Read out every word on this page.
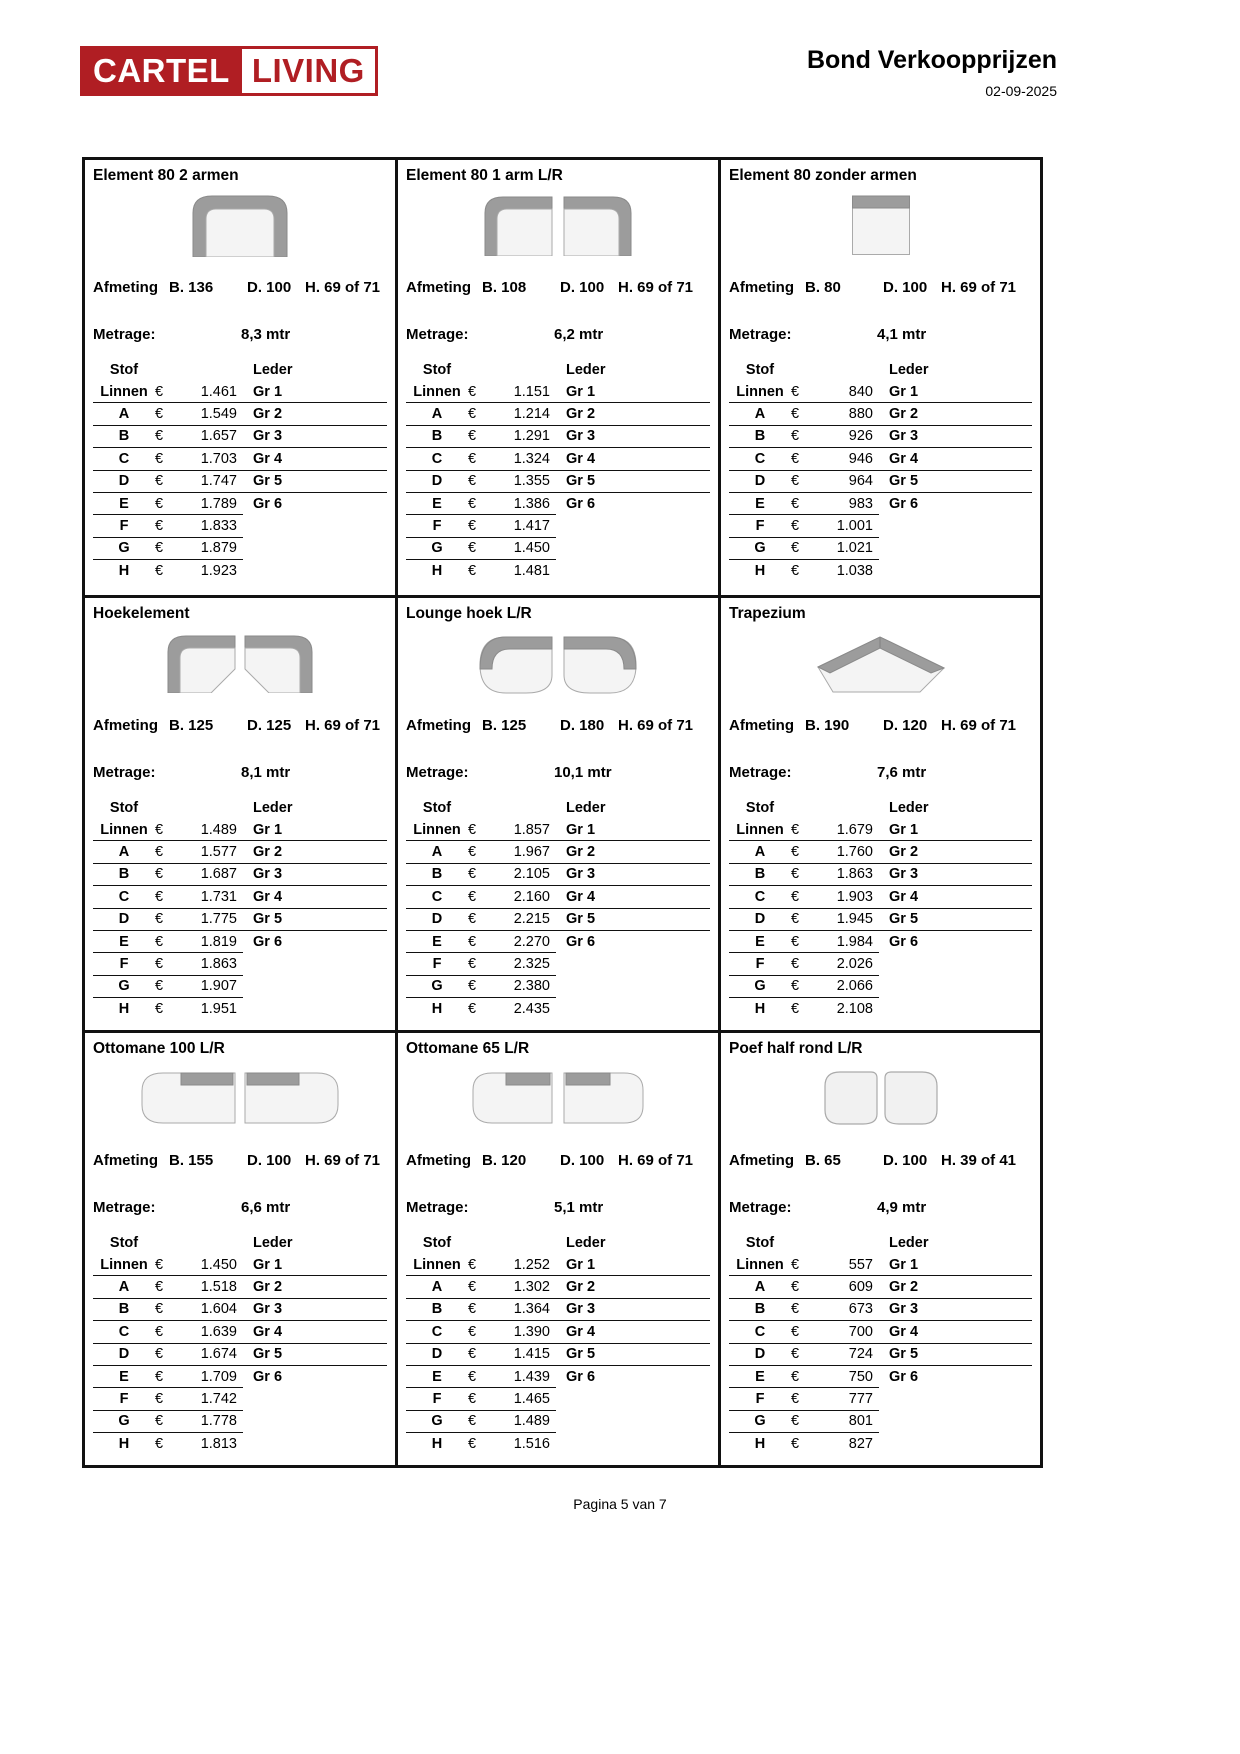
CARTEL LIVING	Bond Verkoopprijzen
02-09-2025
Element 80 2 armen
Afmeting B. 136	D. 100 H. 69 of 71
Metrage:	8,3 mtr
Stof	Leder
Linnen €	1.461	Gr 1
A	€	1.549	Gr 2
B	€	1.657	Gr 3
C	€	1.703	Gr 4
D	€	1.747	Gr 5
E	€	1.789	Gr 6
F	€	1.833
G	€	1.879
H	€	1.923
Element 80 1 arm L/R
Afmeting B. 108	D. 100 H. 69 of 71
Metrage:	6,2 mtr
Stof	Leder
Linnen €	1.151	Gr 1
A	€	1.214	Gr 2
B	€	1.291	Gr 3
C	€	1.324	Gr 4
D	€	1.355	Gr 5
E	€	1.386	Gr 6
F	€	1.417
G	€	1.450
H	€	1.481
Element 80 zonder armen
Afmeting B. 80	D. 100 H. 69 of 71
Metrage:	4,1 mtr
Stof	Leder
Linnen €	840	Gr 1
A	€	880	Gr 2
B	€	926	Gr 3
C	€	946	Gr 4
D	€	964	Gr 5
E	€	983	Gr 6
F	€	1.001
G	€	1.021
H	€	1.038
Hoekelement
Afmeting B. 125	D. 125 H. 69 of 71
Metrage:	8,1 mtr
Stof	Leder
Linnen €	1.489	Gr 1
A	€	1.577	Gr 2
B	€	1.687	Gr 3
C	€	1.731	Gr 4
D	€	1.775	Gr 5
E	€	1.819	Gr 6
F	€	1.863
G	€	1.907
H	€	1.951
Lounge hoek L/R
Afmeting B. 125	D. 180 H. 69 of 71
Metrage:	10,1 mtr
Stof	Leder
Linnen €	1.857	Gr 1
A	€	1.967	Gr 2
B	€	2.105	Gr 3
C	€	2.160	Gr 4
D	€	2.215	Gr 5
E	€	2.270	Gr 6
F	€	2.325
G	€	2.380
H	€	2.435
Trapezium
Afmeting B. 190	D. 120 H. 69 of 71
Metrage:	7,6 mtr
Stof	Leder
Linnen €	1.679	Gr 1
A	€	1.760	Gr 2
B	€	1.863	Gr 3
C	€	1.903	Gr 4
D	€	1.945	Gr 5
E	€	1.984	Gr 6
F	€	2.026
G	€	2.066
H	€	2.108
Ottomane 100 L/R
Afmeting B. 155	D. 100 H. 69 of 71
Metrage:	6,6 mtr
Stof	Leder
Linnen €	1.450	Gr 1
A	€	1.518	Gr 2
B	€	1.604	Gr 3
C	€	1.639	Gr 4
D	€	1.674	Gr 5
E	€	1.709	Gr 6
F	€	1.742
G	€	1.778
H	€	1.813
Ottomane 65 L/R
Afmeting B. 120	D. 100 H. 69 of 71
Metrage:	5,1 mtr
Stof	Leder
Linnen €	1.252	Gr 1
A	€	1.302	Gr 2
B	€	1.364	Gr 3
C	€	1.390	Gr 4
D	€	1.415	Gr 5
E	€	1.439	Gr 6
F	€	1.465
G	€	1.489
H	€	1.516
Poef half rond L/R
Afmeting B. 65	D. 100 H. 39 of 41
Metrage:	4,9 mtr
Stof	Leder
Linnen €	557	Gr 1
A	€	609	Gr 2
B	€	673	Gr 3
C	€	700	Gr 4
D	€	724	Gr 5
E	€	750	Gr 6
F	€	777
G	€	801
H	€	827
Pagina 5 van 7
